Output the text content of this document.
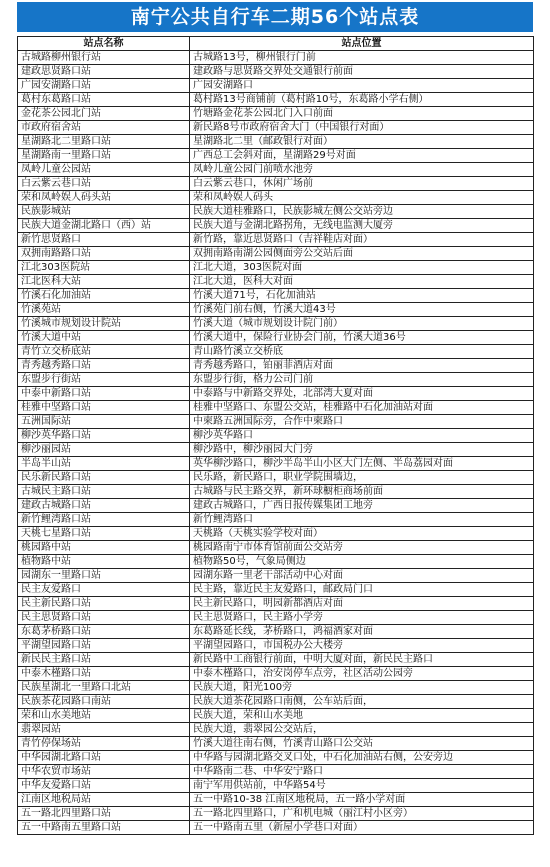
南宁公共自行车二期56个站点表
站点名称	站点位置
古城路柳州银行站	古城路13号，柳州银行门前
建政思贤路口站	建政路与思贤路交界处交通银行前面
广园安湖路口站	广园安湖路口
葛村东葛路口站	葛村路13号商铺前（葛村路10号，东葛路小学右侧）
金花茶公园北门站	竹塘路金花茶公园北门入口前面
市政府宿舍站	新民路8号市政府宿舍大门（中国银行对面）
星湖路北二里路口站	星湖路北二里（邮政银行对面）
星湖路南一里路口站	广西总工会斜对面，星湖路29号对面
凤岭儿童公园站	凤岭儿童公园门前喷水池旁
白云紫云巷口站	白云紫云巷口，休闲广场前
荣和凤岭娱人码头站	荣和凤岭娱人码头
民族影城站	民族大道桂雅路口，民族影城左侧公交站旁边
民族大道金湖北路口（西）站	民族大道与金湖北路拐角，无线电监测大厦旁
新竹思贤路口	新竹路，靠近思贤路口（吉祥鞋店对面）
双拥南路路口站	双拥南路南湖公园侧面旁公交站后面
江北303医院站	江北大道，303医院对面
江北医科大站	江北大道，医科大对面
竹溪石化加油站	竹溪大道71号，石化加油站
竹溪苑站	竹溪苑门前右侧，竹溪大道43号
竹溪城市规划设计院站	竹溪大道（城市规划设计院门前）
竹溪大道中站	竹溪大道中，保险行业协会门前，竹溪大道36号
青竹立交桥底站	青山路竹溪立交桥底
青秀越秀路口站	青秀越秀路口，铂丽菲酒店对面
东盟步行街站	东盟步行街，格力公司门前
中泰中新路口站	中泰路与中新路交界处，北部湾大夏对面
桂雅中坚路口站	桂雅中坚路口、东盟公交站，桂雅路中石化加油站对面
五洲国际站	中柬路五洲国际旁，合作中柬路口
柳沙英华路口站	柳沙英华路口
柳沙丽园站	柳沙路中，柳沙丽园大门旁
半岛半山站	英华柳沙路口，柳沙半岛半山小区大门左侧、半岛荔园对面
民乐新民路口站	民乐路，新民路口，职业学院围墙边，
古城民主路口站	古城路与民主路交界，新环球橱柜商场前面
建政古城路口站	建政古城路口，广西日报传媒集团工地旁
新竹鲤湾路口站	新竹鲤湾路口
天桃七星路口站	天桃路（天桃实验学校对面）
桃园路中站	桃园路南宁市体育馆前面公交站旁
植物路中站	植物路50号，气象局侧边
园湖东一里路口站	园湖东路一里老干部活动中心对面
民主友爱路口	民主路，靠近民主友爱路口，邮政局门口
民主新民路口站	民主新民路口，明园新都酒店对面
民主思贤路口站	民主思贤路口，民主路小学旁
东葛茅桥路口站	东葛路延长线，茅桥路口，鸿福酒家对面
平湖望园路口站	平湖望园路口，市国税办公大楼旁
新民民主路口站	新民路中工商银行前面，中明大厦对面，新民民主路口
中泰木槿路口站	中泰木槿路口，治安岗停车点旁，社区活动公园旁
民族星湖北一里路口北站	民族大道，阳光100旁
民族茶花园路口南站	民族大道茶花园路口南侧，公车站后面，
荣和山水美地站	民族大道，荣和山水美地
翡翠园站	民族大道，翡翠园公交站后，
青竹停保场站	竹溪大道往南右侧，竹溪青山路口公交站
中华园湖北路口站	中华路与园湖北路交叉口处，中石化加油站右侧，公安旁边
中华农贸市场站	中华路南二巷、中华安宁路口
中华友爱路口站	南宁军用供站前，中华路54号
江南区地税局站	五一中路10-38 江南区地税局，五一路小学对面
五一路北四里路口站	五一路北四里路口，广和机电城（丽江村小区旁）
五一中路南五里路口站	五一中路南五里（新屋小学巷口对面）
